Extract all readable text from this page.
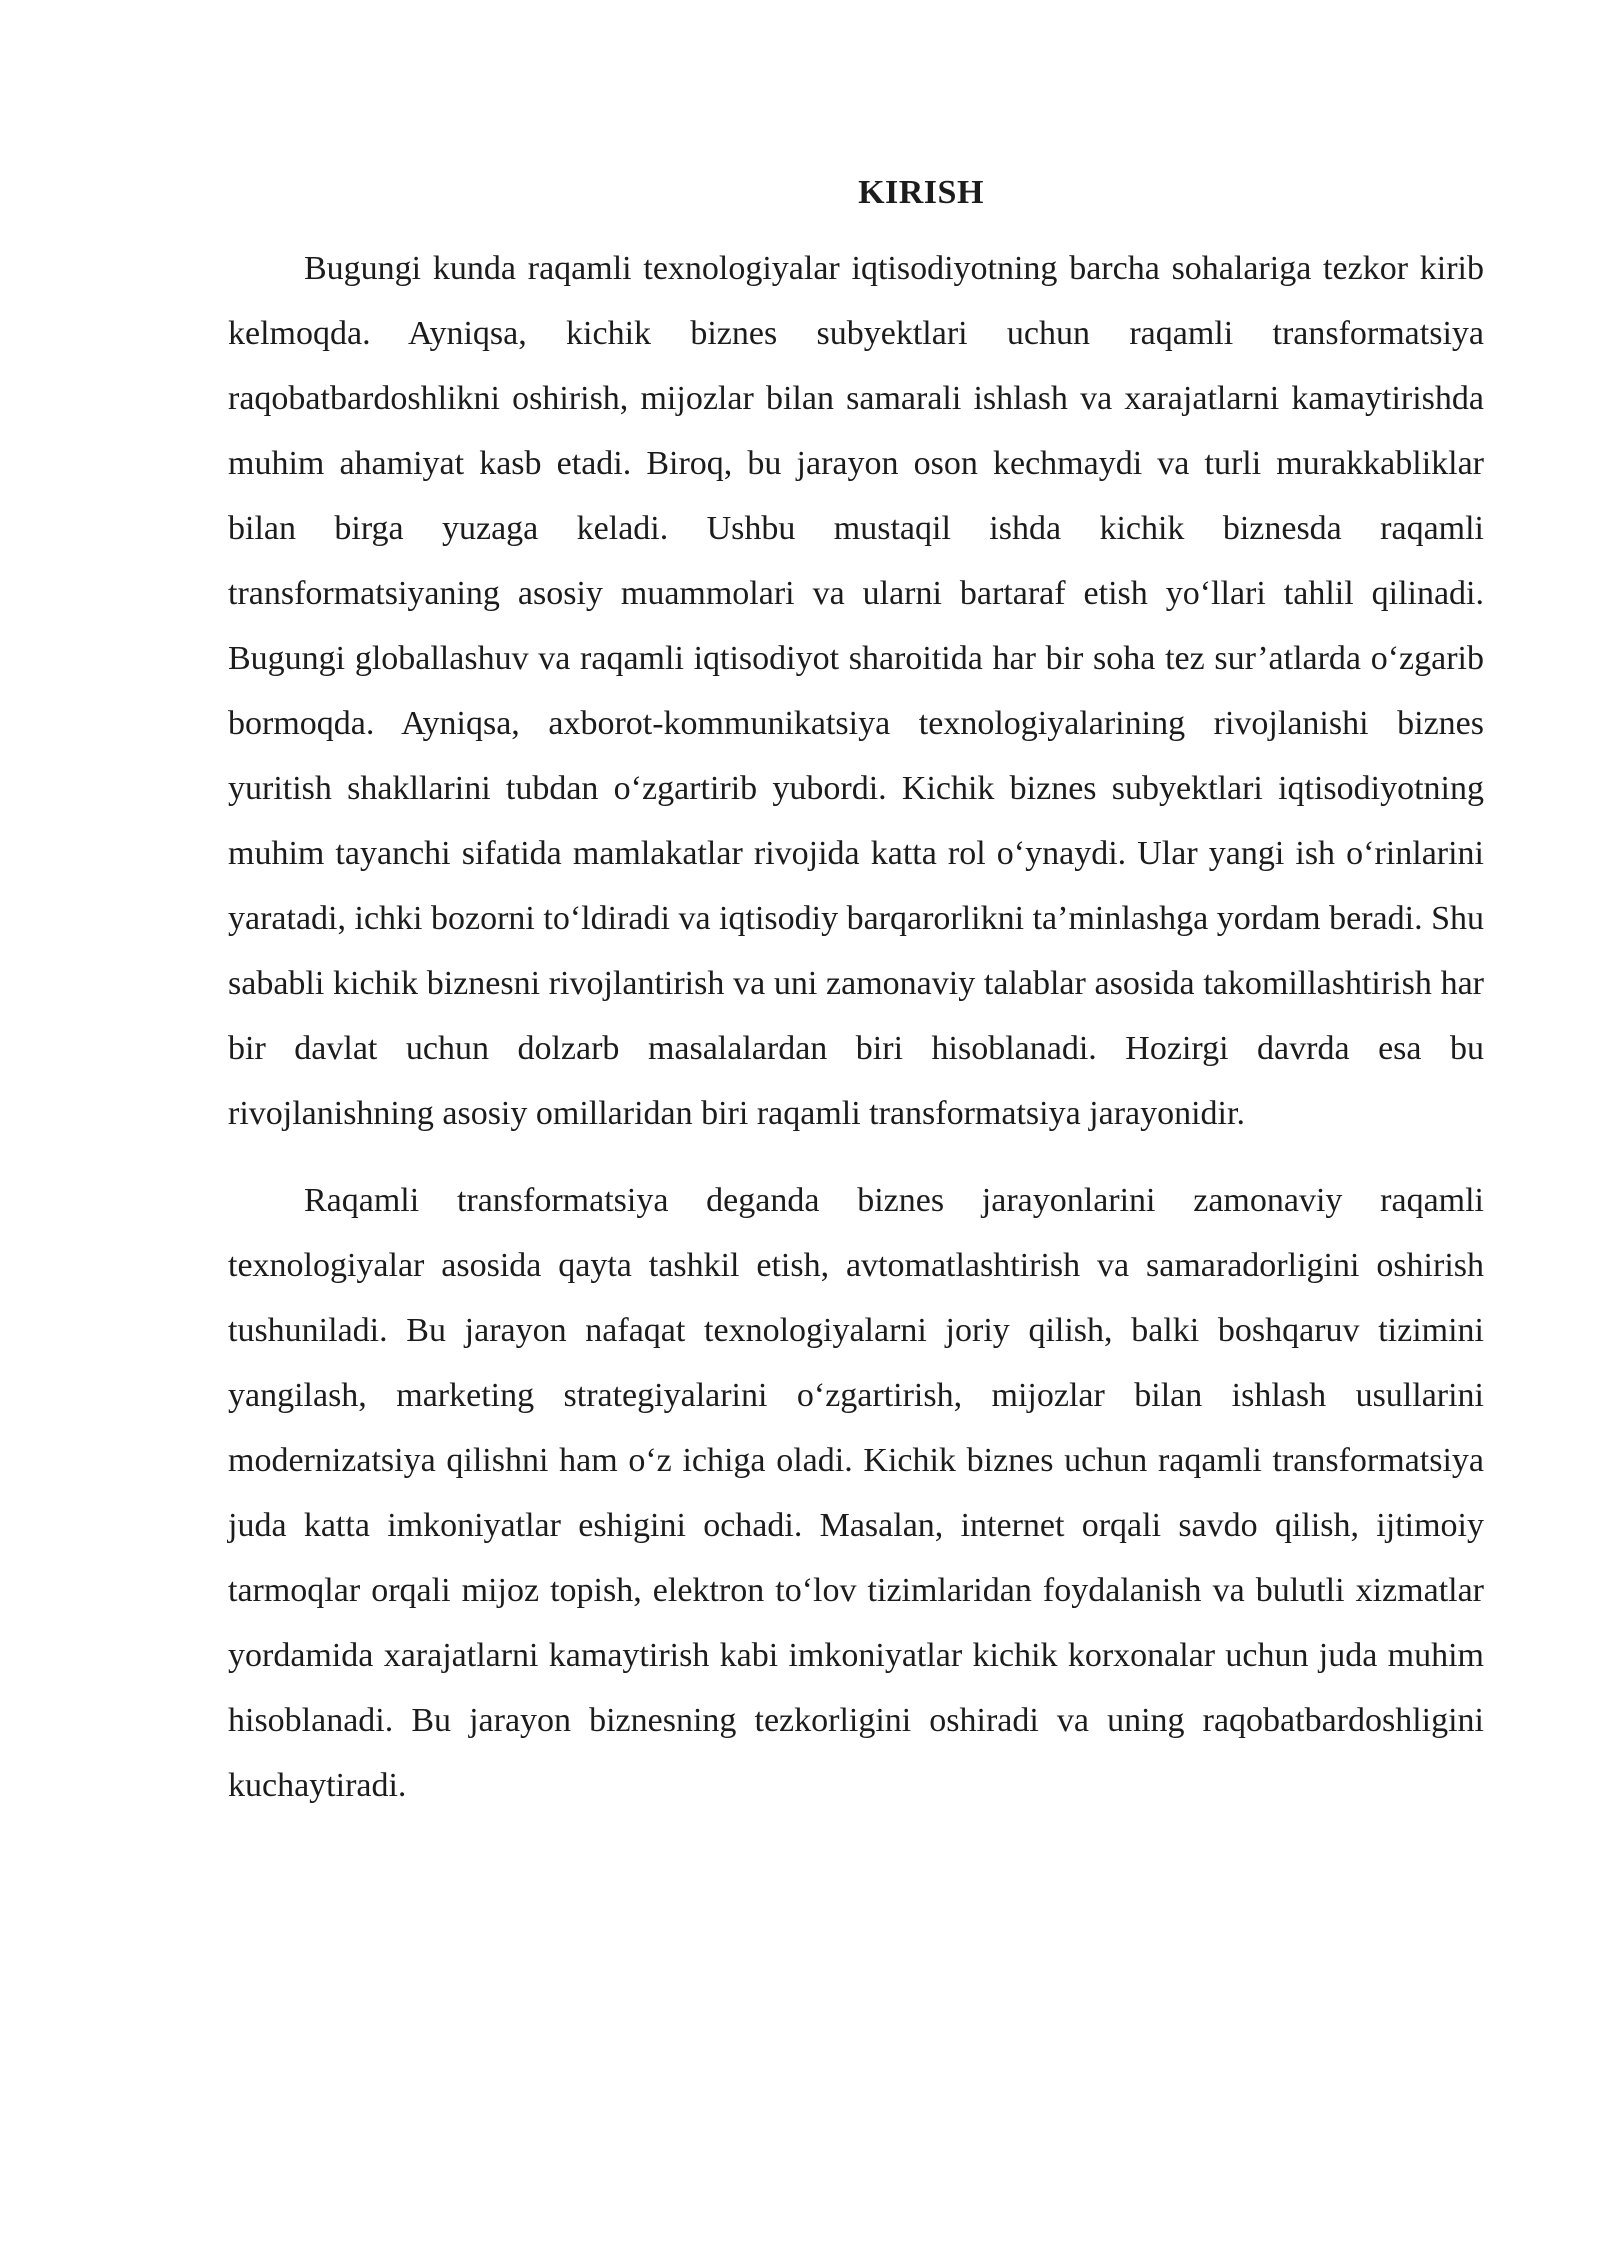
KIRISH

Bugungi kunda raqamli texnologiyalar iqtisodiyotning barcha sohalariga tezkor kirib kelmoqda. Ayniqsa, kichik biznes subyektlari uchun raqamli transformatsiya raqobatbardoshlikni oshirish, mijozlar bilan samarali ishlash va xarajatlarni kamaytirishda muhim ahamiyat kasb etadi. Biroq, bu jarayon oson kechmaydi va turli murakkabliklar bilan birga yuzaga keladi. Ushbu mustaqil ishda kichik biznesda raqamli transformatsiyaning asosiy muammolari va ularni bartaraf etish yo‘llari tahlil qilinadi. Bugungi globallashuv va raqamli iqtisodiyot sharoitida har bir soha tez sur’atlarda o‘zgarib bormoqda. Ayniqsa, axborot-kommunikatsiya texnologiyalarining rivojlanishi biznes yuritish shakllarini tubdan o‘zgartirib yubordi. Kichik biznes subyektlari iqtisodiyotning muhim tayanchi sifatida mamlakatlar rivojida katta rol o‘ynaydi. Ular yangi ish o‘rinlarini yaratadi, ichki bozorni to‘ldiradi va iqtisodiy barqarorlikni ta’minlashga yordam beradi. Shu sababli kichik biznesni rivojlantirish va uni zamonaviy talablar asosida takomillashtirish har bir davlat uchun dolzarb masalalardan biri hisoblanadi. Hozirgi davrda esa bu rivojlanishning asosiy omillaridan biri raqamli transformatsiya jarayonidir.

Raqamli transformatsiya deganda biznes jarayonlarini zamonaviy raqamli texnologiyalar asosida qayta tashkil etish, avtomatlashtirish va samaradorligini oshirish tushuniladi. Bu jarayon nafaqat texnologiyalarni joriy qilish, balki boshqaruv tizimini yangilash, marketing strategiyalarini o‘zgartirish, mijozlar bilan ishlash usullarini modernizatsiya qilishni ham o‘z ichiga oladi. Kichik biznes uchun raqamli transformatsiya juda katta imkoniyatlar eshigini ochadi. Masalan, internet orqali savdo qilish, ijtimoiy tarmoqlar orqali mijoz topish, elektron to‘lov tizimlaridan foydalanish va bulutli xizmatlar yordamida xarajatlarni kamaytirish kabi imkoniyatlar kichik korxonalar uchun juda muhim hisoblanadi. Bu jarayon biznesning tezkorligini oshiradi va uning raqobatbardoshligini kuchaytiradi.
